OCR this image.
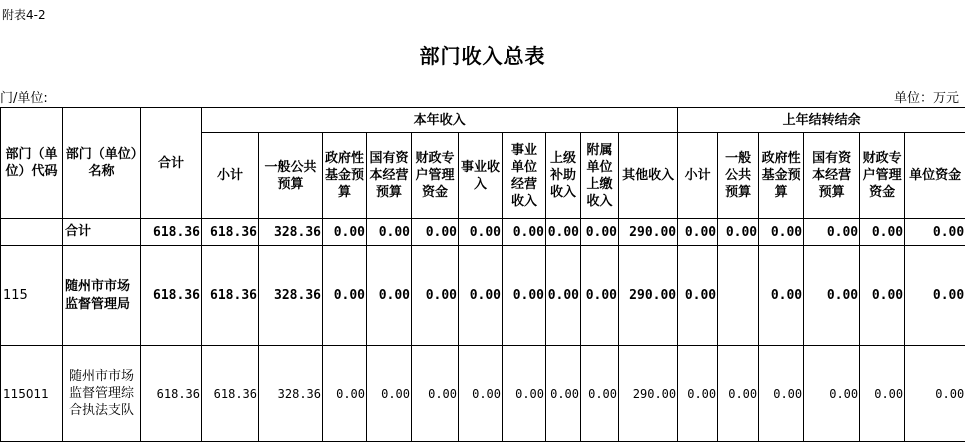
附表4-2
部门收入总表
门/单位:	单位：万元
部门（单位）代码	部门（单位）名称	合计	本年收入										上年结转结余					
			小计	一般公共预算	政府性基金预算	国有资本经营预算	财政专户管理资金	事业收入	事业单位经营收入	上级补助收入	附属单位上缴收入	其他收入	小计	一般公共预算	政府性基金预算	国有资本经营预算	财政专户管理资金	单位资金
	合计	618.36	618.36	328.36	0.00	0.00	0.00	0.00	0.00	0.00	0.00	290.00	0.00	0.00	0.00	0.00	0.00	0.00
115	随州市市场监督管理局	618.36	618.36	328.36	0.00	0.00	0.00	0.00	0.00	0.00	0.00	290.00	0.00		0.00	0.00	0.00	0.00
115011	随州市市场监督管理综合执法支队	618.36	618.36	328.36	0.00	0.00	0.00	0.00	0.00	0.00	0.00	290.00	0.00	0.00	0.00	0.00	0.00	0.00
